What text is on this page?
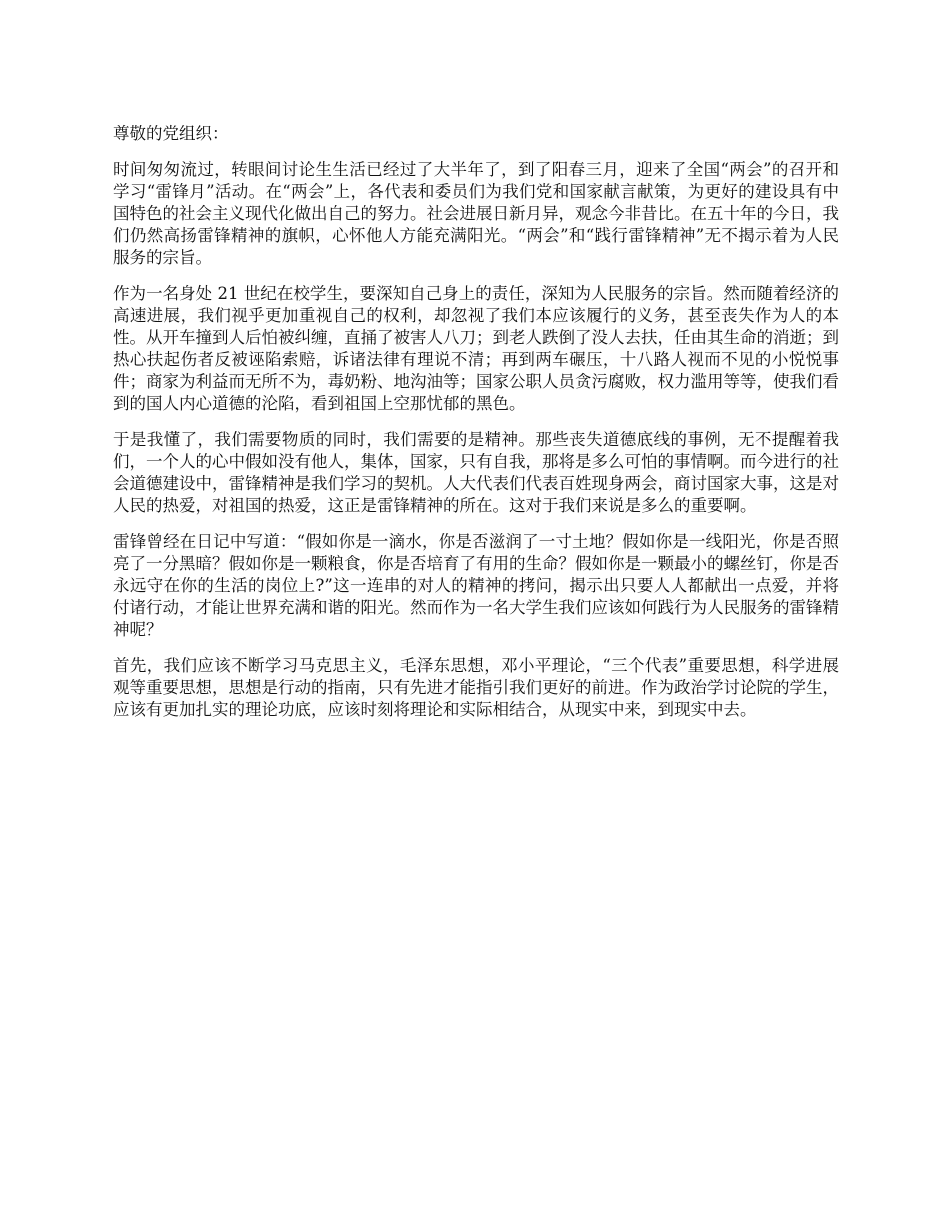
尊敬的党组织：

时间匆匆流过，转眼间讨论生生活已经过了大半年了，到了阳春三月，迎来了全国“两会”的召开和学习“雷锋月”活动。在“两会”上，各代表和委员们为我们党和国家献言献策，为更好的建设具有中国特色的社会主义现代化做出自己的努力。社会进展日新月异，观念今非昔比。在五十年的今日，我们仍然高扬雷锋精神的旗帜，心怀他人方能充满阳光。“两会”和“践行雷锋精神”无不揭示着为人民服务的宗旨。

作为一名身处 21 世纪在校学生，要深知自己身上的责任，深知为人民服务的宗旨。然而随着经济的高速进展，我们视乎更加重视自己的权利，却忽视了我们本应该履行的义务，甚至丧失作为人的本性。从开车撞到人后怕被纠缠，直捅了被害人八刀；到老人跌倒了没人去扶，任由其生命的消逝；到热心扶起伤者反被诬陷索赔，诉诸法律有理说不清；再到两车碾压，十八路人视而不见的小悦悦事件；商家为利益而无所不为，毒奶粉、地沟油等；国家公职人员贪污腐败，权力滥用等等，使我们看到的国人内心道德的沦陷，看到祖国上空那忧郁的黑色。

于是我懂了，我们需要物质的同时，我们需要的是精神。那些丧失道德底线的事例，无不提醒着我们，一个人的心中假如没有他人，集体，国家，只有自我，那将是多么可怕的事情啊。而今进行的社会道德建设中，雷锋精神是我们学习的契机。人大代表们代表百姓现身两会，商讨国家大事，这是对人民的热爱，对祖国的热爱，这正是雷锋精神的所在。这对于我们来说是多么的重要啊。

雷锋曾经在日记中写道：“假如你是一滴水，你是否滋润了一寸土地？假如你是一线阳光，你是否照亮了一分黑暗？假如你是一颗粮食，你是否培育了有用的生命？假如你是一颗最小的螺丝钉，你是否永远守在你的生活的岗位上?”这一连串的对人的精神的拷问，揭示出只要人人都献出一点爱，并将付诸行动，才能让世界充满和谐的阳光。然而作为一名大学生我们应该如何践行为人民服务的雷锋精神呢？

首先，我们应该不断学习马克思主义，毛泽东思想，邓小平理论，“三个代表”重要思想，科学进展观等重要思想，思想是行动的指南，只有先进才能指引我们更好的前进。作为政治学讨论院的学生，应该有更加扎实的理论功底，应该时刻将理论和实际相结合，从现实中来，到现实中去。
